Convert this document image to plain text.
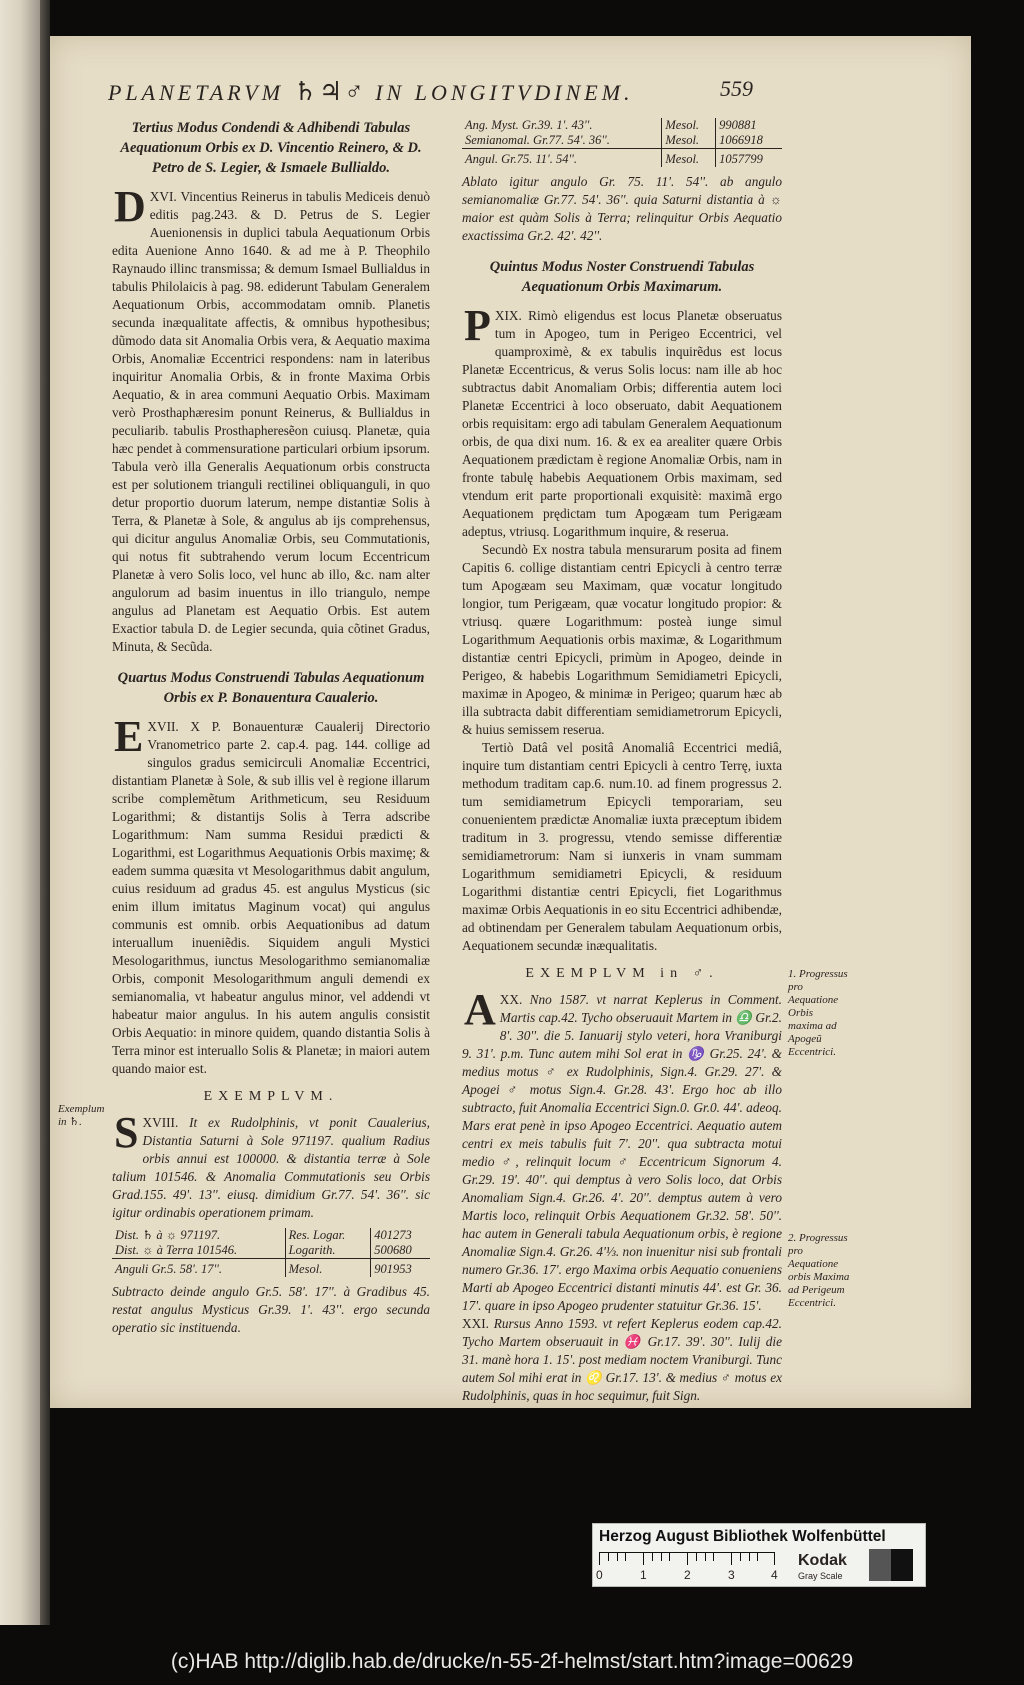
PLANETARVM ♄♃♂ IN LONGITVDINEM.	559

Tertius Modus Condendi & Adhibendi Tabulas Aequationum Orbis ex D. Vincentio Reinero, & D. Petro de S. Legier, & Ismaele Bullialdo.

XVI.
D	Vincentius Reinerus in tabulis Mediceis denuò editis pag.243. & D. Petrus de S. Legier Auenionensis in duplici tabula Aequationum Orbis edita Auenione Anno 1640. & ad me à P. Theophilo Raynaudo illinc transmissa; & demum Ismael Bullialdus in tabulis Philolaicis à pag. 98. ediderunt Tabulam Generalem Aequationum Orbis, accommodatam omnib. Planetis secunda inæqualitate affectis, & omnibus hypothesibus; dũmodo data sit Anomalia Orbis vera, & Aequatio maxima Orbis, Anomaliæ Eccentrici respondens: nam in lateribus inquiritur Anomalia Orbis, & in fronte Maxima Orbis Aequatio, & in area communi Aequatio Orbis. Maximam verò Prosthaphæresim ponunt Reinerus, & Bullialdus in peculiarib. tabulis Prosthapheresẽon cuiusq. Planetæ, quia hæc pendet à commensuratione particulari orbium ipsorum. Tabula verò illa Generalis Aequationum orbis constructa est per solutionem trianguli rectilinei obliquanguli, in quo detur proportio duorum laterum, nempe distantiæ Solis à Terra, & Planetæ à Sole, & angulus ab ijs comprehensus, qui dicitur angulus Anomaliæ Orbis, seu Commutationis, qui notus fit subtrahendo verum locum Eccentricum Planetæ à vero Solis loco, vel hunc ab illo, &c. nam alter angulorum ad basim inuentus in illo triangulo, nempe angulus ad Planetam est Aequatio Orbis. Est autem Exactior tabula D. de Legier secunda, quia cõtinet Gradus, Minuta, & Secũda.

Quartus Modus Construendi Tabulas Aequationum Orbis ex P. Bonauentura Caualerio.

XVII.
E	X P. Bonauenturæ Caualerij Directorio Vranometrico parte 2. cap.4. pag. 144. collige ad singulos gradus semicirculi Anomaliæ Eccentrici, distantiam Planetæ à Sole, & sub illis vel è regione illarum scribe complemẽtum Arithmeticum, seu Residuum Logarithmi; & distantijs Solis à Terra adscribe Logarithmum: Nam summa Residui prædicti & Logarithmi, est Logarithmus Aequationis Orbis maximę; & eadem summa quæsita vt Mesologarithmus dabit angulum, cuius residuum ad gradus 45. est angulus Mysticus (sic enim illum imitatus Maginum vocat) qui angulus communis est omnib. orbis Aequationibus ad datum interuallum inueniẽdis. Siquidem anguli Mystici Mesologarithmus, iunctus Mesologarithmo semianomaliæ Orbis, componit Mesologarithmum anguli demendi ex semianomalia, vt habeatur angulus minor, vel addendi vt habeatur maior angulus. In his autem angulis consistit Orbis Aequatio: in minore quidem, quando distantia Solis à Terra minor est interuallo Solis & Planetæ; in maiori autem quando maior est.

EXEMPLVM.

XVIII.
S	It ex Rudolphinis, vt ponit Caualerius, Distantia Saturni à Sole 971197. qualium Radius orbis annui est 100000. & distantia terræ à Sole talium 101546. & Anomalia Commutationis seu Orbis Grad.155. 49'. 13''. eiusq. dimidium Gr.77. 54'. 36''. sic igitur ordinabis operationem primam.

Dist. ♄ à ☼ 971197.	Res. Logar.	401273
Dist. ☼ à Terra 101546.	Logarith.	500680
Anguli Gr.5. 58'. 17''.	Mesol.	901953

Subtracto deinde angulo Gr.5. 58'. 17''. à Gradibus 45. restat angulus Mysticus Gr.39. 1'. 43''. ergo secunda operatio sic instituenda.

Exemplum in ♄.
Ang. Myst. Gr.39. 1'. 43''.	Mesol.	990881
Semianomal. Gr.77. 54'. 36''.	Mesol.	1066918
Angul. Gr.75. 11'. 54''.	Mesol.	1057799

Ablato igitur angulo Gr. 75. 11'. 54''. ab angulo semianomaliæ Gr.77. 54'. 36''. quia Saturni distantia à ☼ maior est quàm Solis à Terra; relinquitur Orbis Aequatio exactissima Gr.2. 42'. 42''.

Quintus Modus Noster Construendi Tabulas Aequationum Orbis Maximarum.

XIX.
P	Rimò eligendus est locus Planetæ obseruatus tum in Apogeo, tum in Perigeo Eccentrici, vel quamproximè, & ex tabulis inquirẽdus est locus Planetæ Eccentricus, & verus Solis locus: nam ille ab hoc subtractus dabit Anomaliam Orbis; differentia autem loci Planetæ Eccentrici à loco obseruato, dabit Aequationem orbis requisitam: ergo adi tabulam Generalem Aequationum orbis, de qua dixi num. 16. & ex ea arealiter quære Orbis Aequationem prædictam è regione Anomaliæ Orbis, nam in fronte tabulę habebis Aequationem Orbis maximam, sed vtendum erit parte proportionali exquisitè: maximã ergo Aequationem prędictam tum Apogæam tum Perigæam adeptus, vtriusq. Logarithmum inquire, & reserua.

Secundò Ex nostra tabula mensurarum posita ad finem Capitis 6. collige distantiam centri Epicycli à centro terræ tum Apogæam seu Maximam, quæ vocatur longitudo longior, tum Perigæam, quæ vocatur longitudo propior: & vtriusq. quære Logarithmum: posteà iunge simul Logarithmum Aequationis orbis maximæ, & Logarithmum distantiæ centri Epicycli, primùm in Apogeo, deinde in Perigeo, & habebis Logarithmum Semidiametri Epicycli, maximæ in Apogeo, & minimæ in Perigeo; quarum hæc ab illa subtracta dabit differentiam semidiametrorum Epicycli, & huius semissem reserua.

Tertiò Datâ vel positâ Anomaliâ Eccentrici mediâ, inquire tum distantiam centri Epicycli à centro Terrę, iuxta methodum traditam cap.6. num.10. ad finem progressus 2. tum semidiametrum Epicycli temporariam, seu conuenientem prædictæ Anomaliæ iuxta præceptum ibidem traditum in 3. progressu, vtendo semisse differentiæ semidiametrorum: Nam si iunxeris in vnam summam Logarithmum semidiametri Epicycli, & residuum Logarithmi distantiæ centri Epicycli, fiet Logarithmus maximæ Orbis Aequationis in eo situ Eccentrici adhibendæ, ad obtinendam per Generalem tabulam Aequationum orbis, Aequationem secundæ inæqualitatis.

EXEMPLVM in ♂.

XX.
A	Nno 1587. vt narrat Keplerus in Comment. Martis cap.42. Tycho obseruauit Martem in ♎ Gr.2. 8'. 30''. die 5. Ianuarij stylo veteri, hora Vraniburgi 9. 31'. p.m. Tunc autem mihi Sol erat in ♑ Gr.25. 24'. & medius motus ♂ ex Rudolphinis, Sign.4. Gr.29. 27'. & Apogei ♂ motus Sign.4. Gr.28. 43'. Ergo hoc ab illo subtracto, fuit Anomalia Eccentrici Sign.0. Gr.0. 44'. adeoq. Mars erat penè in ipso Apogeo Eccentrici. Aequatio autem centri ex meis tabulis fuit 7'. 20''. qua subtracta motui medio ♂, relinquit locum ♂ Eccentricum Signorum 4. Gr.29. 19'. 40''. qui demptus à vero Solis loco, dat Orbis Anomaliam Sign.4. Gr.26. 4'. 20''. demptus autem à vero Martis loco, relinquit Orbis Aequationem Gr.32. 58'. 50''. hac autem in Generali tabula Aequationum orbis, è regione Anomaliæ Sign.4. Gr.26. 4'⅓. non inuenitur nisi sub frontali numero Gr.36. 17'. ergo Maxima orbis Aequatio conueniens Marti ab Apogeo Eccentrici distanti minutis 44'. est Gr. 36. 17'. quare in ipso Apogeo prudenter statuitur Gr.36. 15'.

XXI. Rursus Anno 1593. vt refert Keplerus eodem cap.42. Tycho Martem obseruauit in ♓ Gr.17. 39'. 30''. Iulij die 31. manè hora 1. 15'. post mediam noctem Vraniburgi. Tunc autem Sol mihi erat in ♌ Gr.17. 13'. & medius ♂ motus ex Rudolphinis, quas in hoc sequimur, fuit Sign.

1. Progressus pro Aequatione Orbis maxima ad Apogeũ Eccentrici.
2. Progressus pro Aequatione orbis Maxima ad Perigeum Eccentrici.
Herzog August Bibliothek Wolfenbüttel
0	1	2	3	4
Kodak
Gray Scale
(c)HAB http://diglib.hab.de/drucke/n-55-2f-helmst/start.htm?image=00629
